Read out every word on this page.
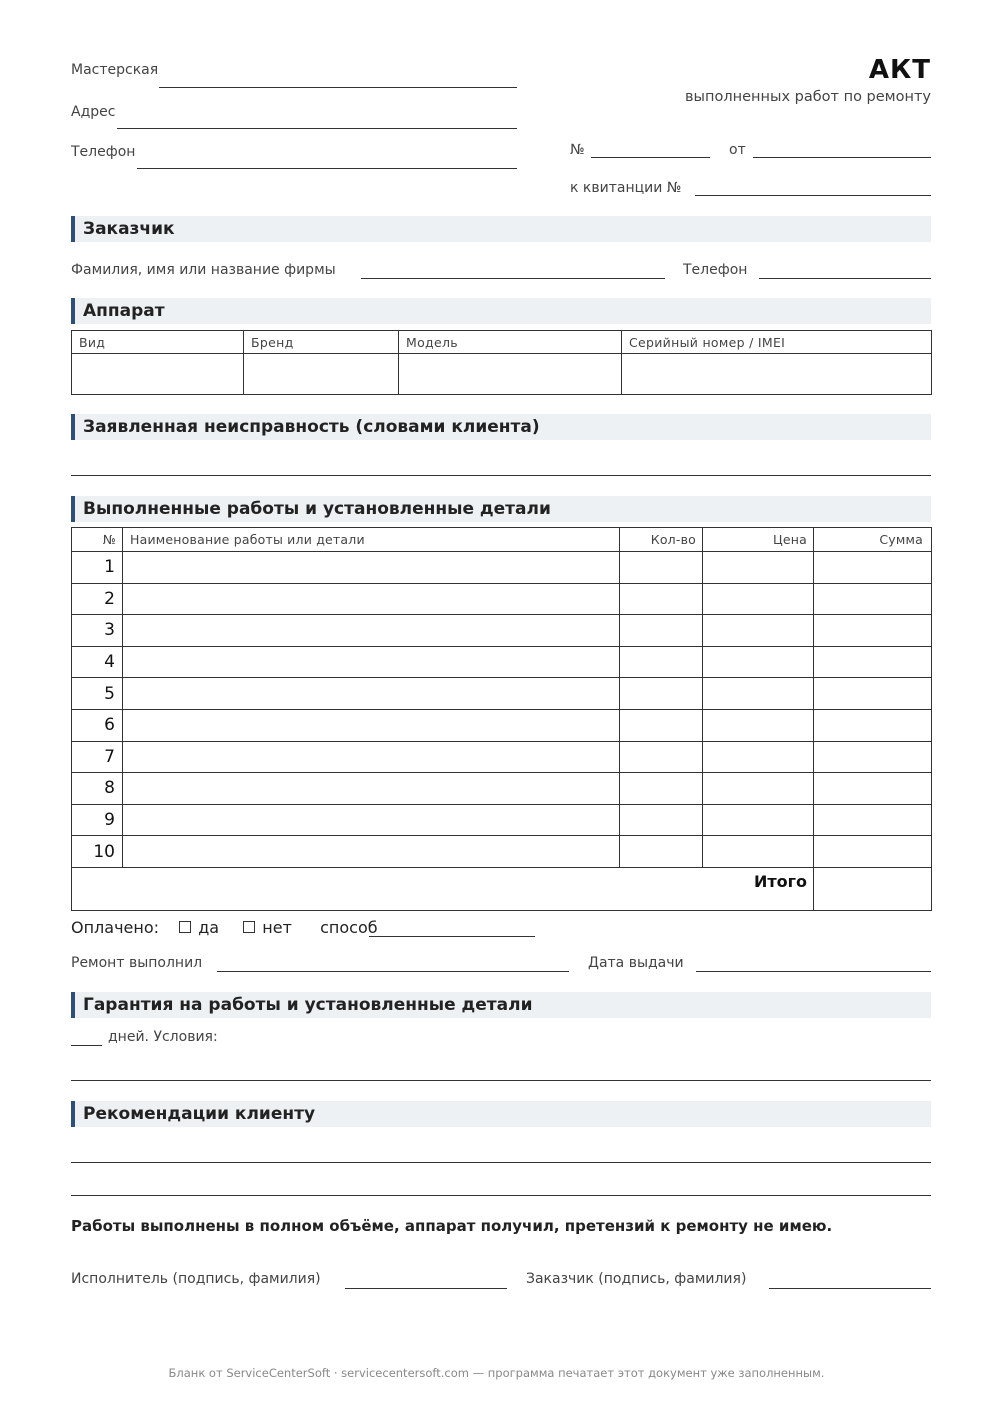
Мастерская
Адрес
Телефон
АКТ
выполненных работ по ремонту
№	от
к квитанции №
Заказчик
Фамилия, имя или название фирмы	Телефон
Аппарат
Вид	Бренд	Модель	Серийный номер / IMEI

Заявленная неисправность (словами клиента)
Выполненные работы и установленные детали
№	Наименование работы или детали	Кол-во	Цена	Сумма
1				
2				
3				
4				
5				
6				
7				
8				
9				
10				
Итого				
Оплачено: да	нет способ
Ремонт выполнил	Дата выдачи
Гарантия на работы и установленные детали
дней. Условия:
Рекомендации клиенту
Работы выполнены в полном объёме, аппарат получил, претензий к ремонту не имею.
Исполнитель (подпись, фамилия)	Заказчик (подпись, фамилия)
Бланк от ServiceCenterSoft · servicecentersoft.com — программа печатает этот документ уже заполненным.
